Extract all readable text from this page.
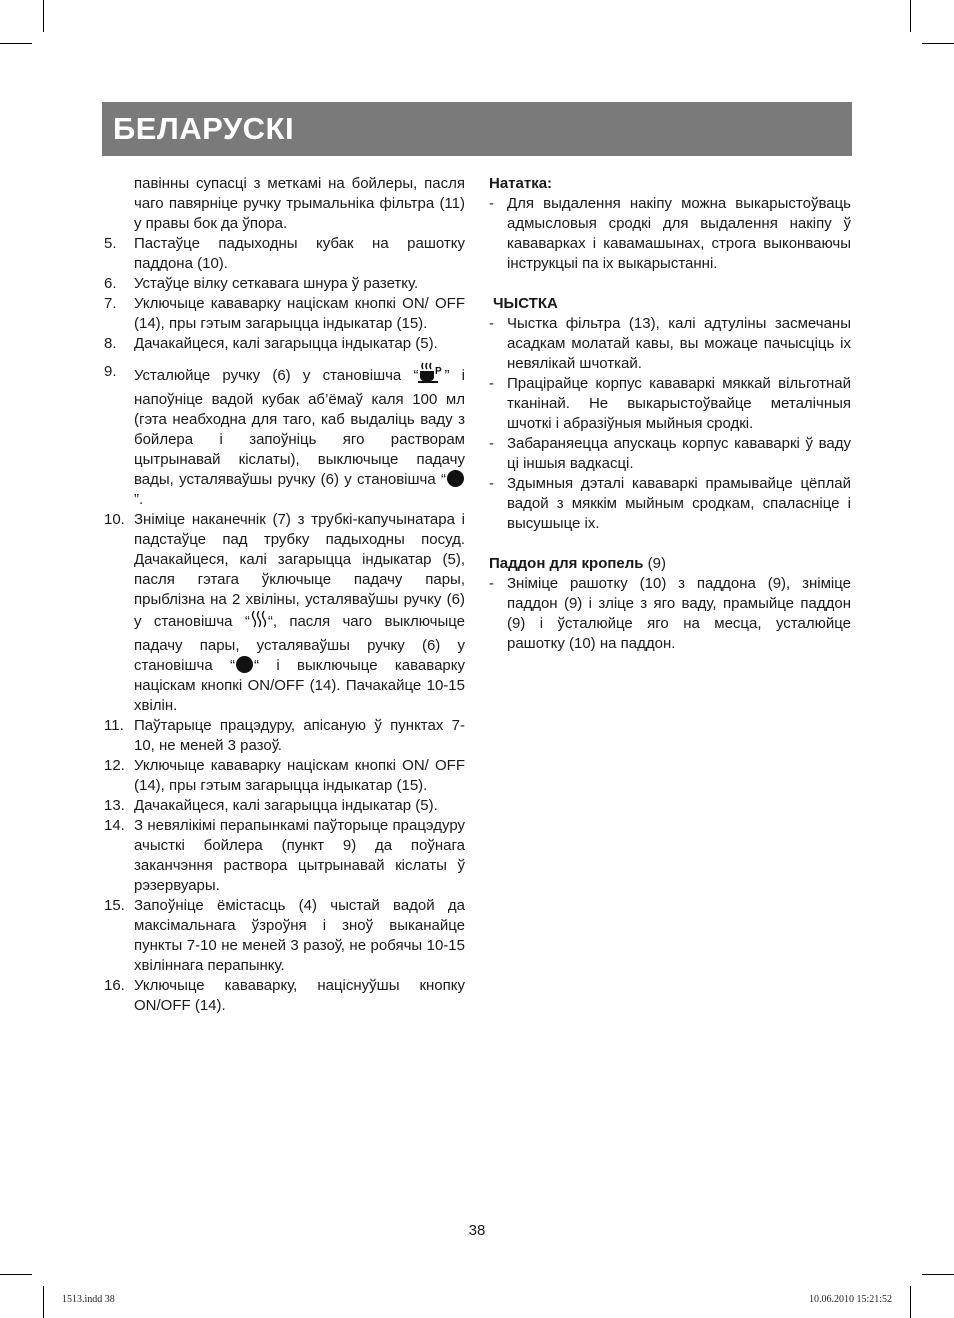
БЕЛАРУСКІ

павінны супасці з меткамі на бойлеры, пасля чаго павярніце ручку трымальніка фільтра (11) у правы бок да ўпора.

5. Пастаўце падыходны кубак на рашотку паддона (10).
6. Устаўце вілку сеткавага шнура ў разетку.
7. Уключыце кававарку націскам кнопкі ON/ OFF (14), пры гэтым загарыцца індыкатар (15).
8. Дачакайцеся, калі загарыцца індыкатар (5).
9. Усталюйце ручку (6) у становішча “ P ” і напоўніце вадой кубак аб’ёмаў каля 100 мл (гэта неабходна для таго, каб выдаліць ваду з бойлера і запоўніць яго растворам цытрынавай кіслаты), выключыце падачу вады, усталяваўшы ручку (6) у становішча “”.
10. Зніміце наканечнік (7) з трубкі-капучынатара і падстаўце пад трубку падыходны посуд. Дачакайцеся, калі загарыцца індыкатар (5), пасля гэтага ўключыце падачу пары, прыблізна на 2 хвіліны, усталяваўшы ручку (6) у становішча “ “, пасля чаго выключыце падачу пары, усталяваўшы ручку (6) у становішча “ “ і выключыце кававарку націскам кнопкі ON/OFF (14). Пачакайце 10-15 хвілін.
11. Паўтарыце працэдуру, апісаную ў пунктах 7-10, не меней 3 разоў.
12. Уключыце кававарку націскам кнопкі ON/ OFF (14), пры гэтым загарыцца індыкатар (15).
13. Дачакайцеся, калі загарыцца індыкатар (5).
14. З невялікімі перапынкамі паўторыце працэдуру ачысткі бойлера (пункт 9) да поўнага заканчэння раствора цытрынавай кіслаты ў рэзервуары.
15. Запоўніце ёмістасць (4) чыстай вадой да максімальнага ўзроўня і зноў выканайце пункты 7-10 не меней 3 разоў, не робячы 10-15 хвіліннага перапынку.
16. Уключыце кававарку, націснуўшы кнопку ON/OFF (14).

Нататка:

- Для выдалення накіпу можна выкарыстоўваць адмысловыя сродкі для выдалення накіпу ў кававарках і кавамашынах, строга выконваючы інструкцыі па іх выкарыстанні.

ЧЫСТКА

- Чыстка фільтра (13), калі адтуліны засмечаны асадкам молатай кавы, вы можаце пачысціць іх невялікай шчоткай.
- Працірайце корпус кававаркі мяккай вільготнай тканінай. Не выкарыстоўвайце металічныя шчоткі і абразіўныя мыйныя сродкі.
- Забараняецца апускаць корпус кававаркі ў ваду ці іншыя вадкасці.
- Здымныя дэталі кававаркі прамывайце цёплай вадой з мяккім мыйным сродкам, спаласніце і высушыце іх.

Паддон для кропель (9)

- Зніміце рашотку (10) з паддона (9), зніміце паддон (9) і зліце з яго ваду, прамыйце паддон (9) і ўсталюйце яго на месца, усталюйце рашотку (10) на паддон.
38
1513.indd 38	10.06.2010 15:21:52
